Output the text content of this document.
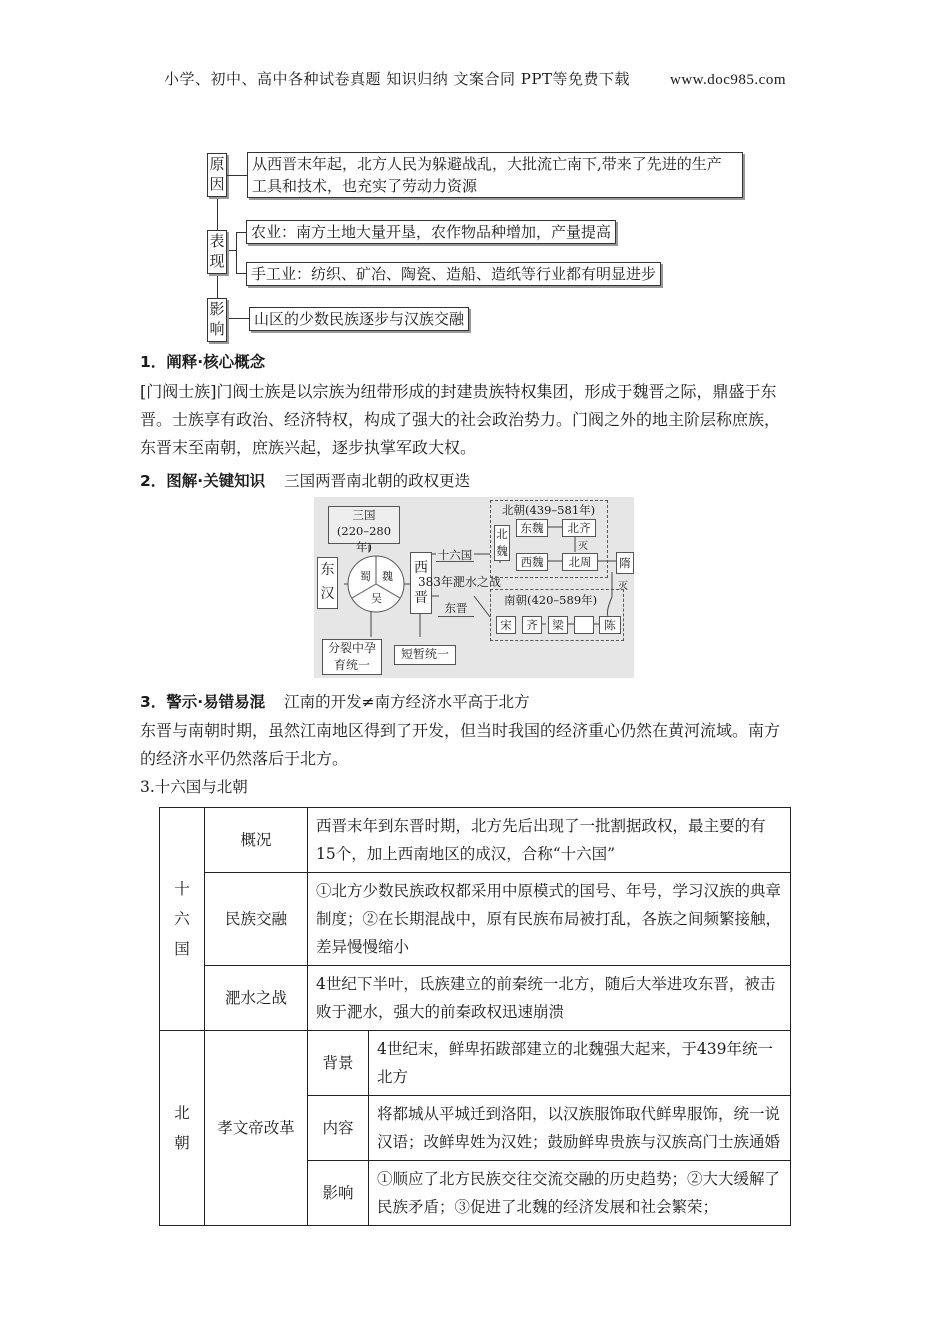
小学、初中、高中各种试卷真题 知识归纳 文案合同 PPT等免费下载	www.doc985.com
原因
从西晋末年起，北方人民为躲避战乱，大批流亡南下,带来了先进的生产
工具和技术，也充实了劳动力资源
表现
农业：南方土地大量开垦，农作物品种增加，产量提高
手工业：纺织、矿冶、陶瓷、造船、造纸等行业都有明显进步
影响
山区的少数民族逐步与汉族交融
1．阐释·核心概念
[门阀士族]门阀士族是以宗族为纽带形成的封建贵族特权集团，形成于魏晋之际，鼎盛于东
晋。士族享有政治、经济特权，构成了强大的社会政治势力。门阀之外的地主阶层称庶族，
东晋末至南朝，庶族兴起，逐步执掌军政大权。
2．图解·关键知识 三国两晋南北朝的政权更迭
三国
(220–280年)
东汉
蜀 魏
吴
西晋
十六国
383年淝水之战
东晋
北朝(439–581年)
北魏
东魏	北齐
灭
西魏	北周	隋
灭
南朝(420–589年)
宋	齐	梁	陈
分裂中孕育统一
短暂统一
3．警示·易错易混 江南的开发≠南方经济水平高于北方
东晋与南朝时期，虽然江南地区得到了开发，但当时我国的经济重心仍然在黄河流域。南方
的经济水平仍然落后于北方。
3.十六国与北朝
十六国	概况	西晋末年到东晋时期，北方先后出现了一批割据政权，最主要的有15个，加上西南地区的成汉，合称“十六国”	
	民族交融	①北方少数民族政权都采用中原模式的国号、年号，学习汉族的典章制度；②在长期混战中，原有民族布局被打乱，各族之间频繁接触，差异慢慢缩小	
	淝水之战	4世纪下半叶，氐族建立的前秦统一北方，随后大举进攻东晋，被击败于淝水，强大的前秦政权迅速崩溃	
北朝	孝文帝改革	背景	4世纪末，鲜卑拓跋部建立的北魏强大起来，于439年统一北方
		内容	将都城从平城迁到洛阳，以汉族服饰取代鲜卑服饰，统一说汉语；改鲜卑姓为汉姓；鼓励鲜卑贵族与汉族高门士族通婚
		影响	①顺应了北方民族交往交流交融的历史趋势；②大大缓解了民族矛盾；③促进了北魏的经济发展和社会繁荣；
